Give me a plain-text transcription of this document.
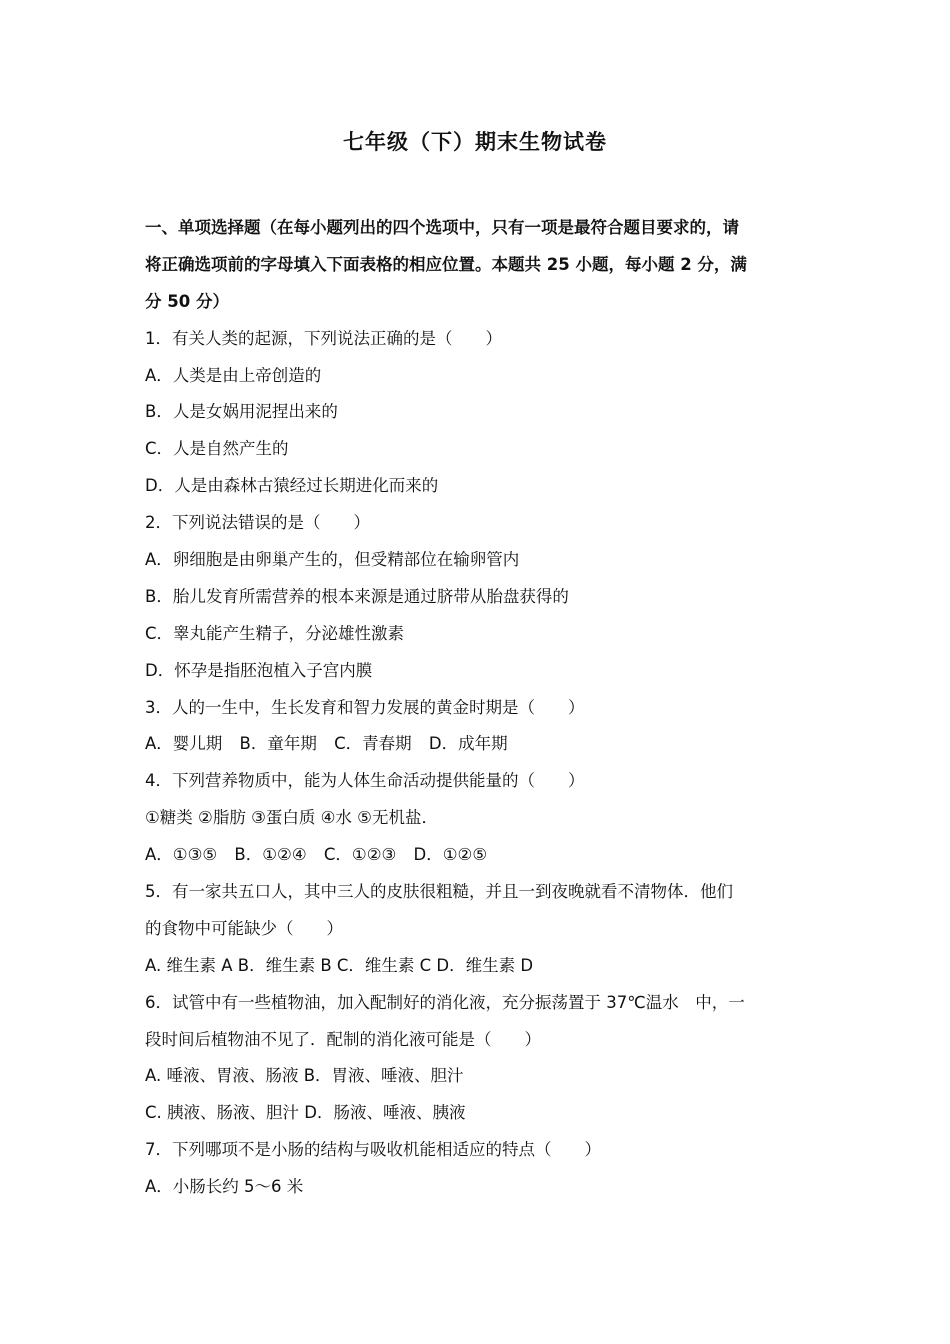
七年级（下）期末生物试卷
一、单项选择题（在每小题列出的四个选项中，只有一项是最符合题目要求的，请
将正确选项前的字母填入下面表格的相应位置。本题共 25 小题，每小题 2 分，满
分 50 分）
1．有关人类的起源，下列说法正确的是（　　）
A．人类是由上帝创造的
B．人是女娲用泥捏出来的
C．人是自然产生的
D．人是由森林古猿经过长期进化而来的
2．下列说法错误的是（　　）
A．卵细胞是由卵巢产生的，但受精部位在输卵管内
B．胎儿发育所需营养的根本来源是通过脐带从胎盘获得的
C．睾丸能产生精子，分泌雄性激素
D．怀孕是指胚泡植入子宫内膜
3．人的一生中，生长发育和智力发展的黄金时期是（　　）
A．婴儿期 B．童年期 C．青春期 D．成年期
4．下列营养物质中，能为人体生命活动提供能量的（　　）
①糖类 ②脂肪 ③蛋白质 ④水 ⑤无机盐．
A．①③⑤ B．①②④ C．①②③ D．①②⑤
5．有一家共五口人，其中三人的皮肤很粗糙，并且一到夜晚就看不清物体．他们
的食物中可能缺少（　　）
A. 维生素 A B．维生素 B C．维生素 C D．维生素 D
6．试管中有一些植物油，加入配制好的消化液，充分振荡置于 37℃温水　中，一
段时间后植物油不见了．配制的消化液可能是（　　）
A. 唾液、胃液、肠液 B．胃液、唾液、胆汁
C. 胰液、肠液、胆汁 D．肠液、唾液、胰液
7．下列哪项不是小肠的结构与吸收机能相适应的特点（　　）
A．小肠长约 5～6 米
